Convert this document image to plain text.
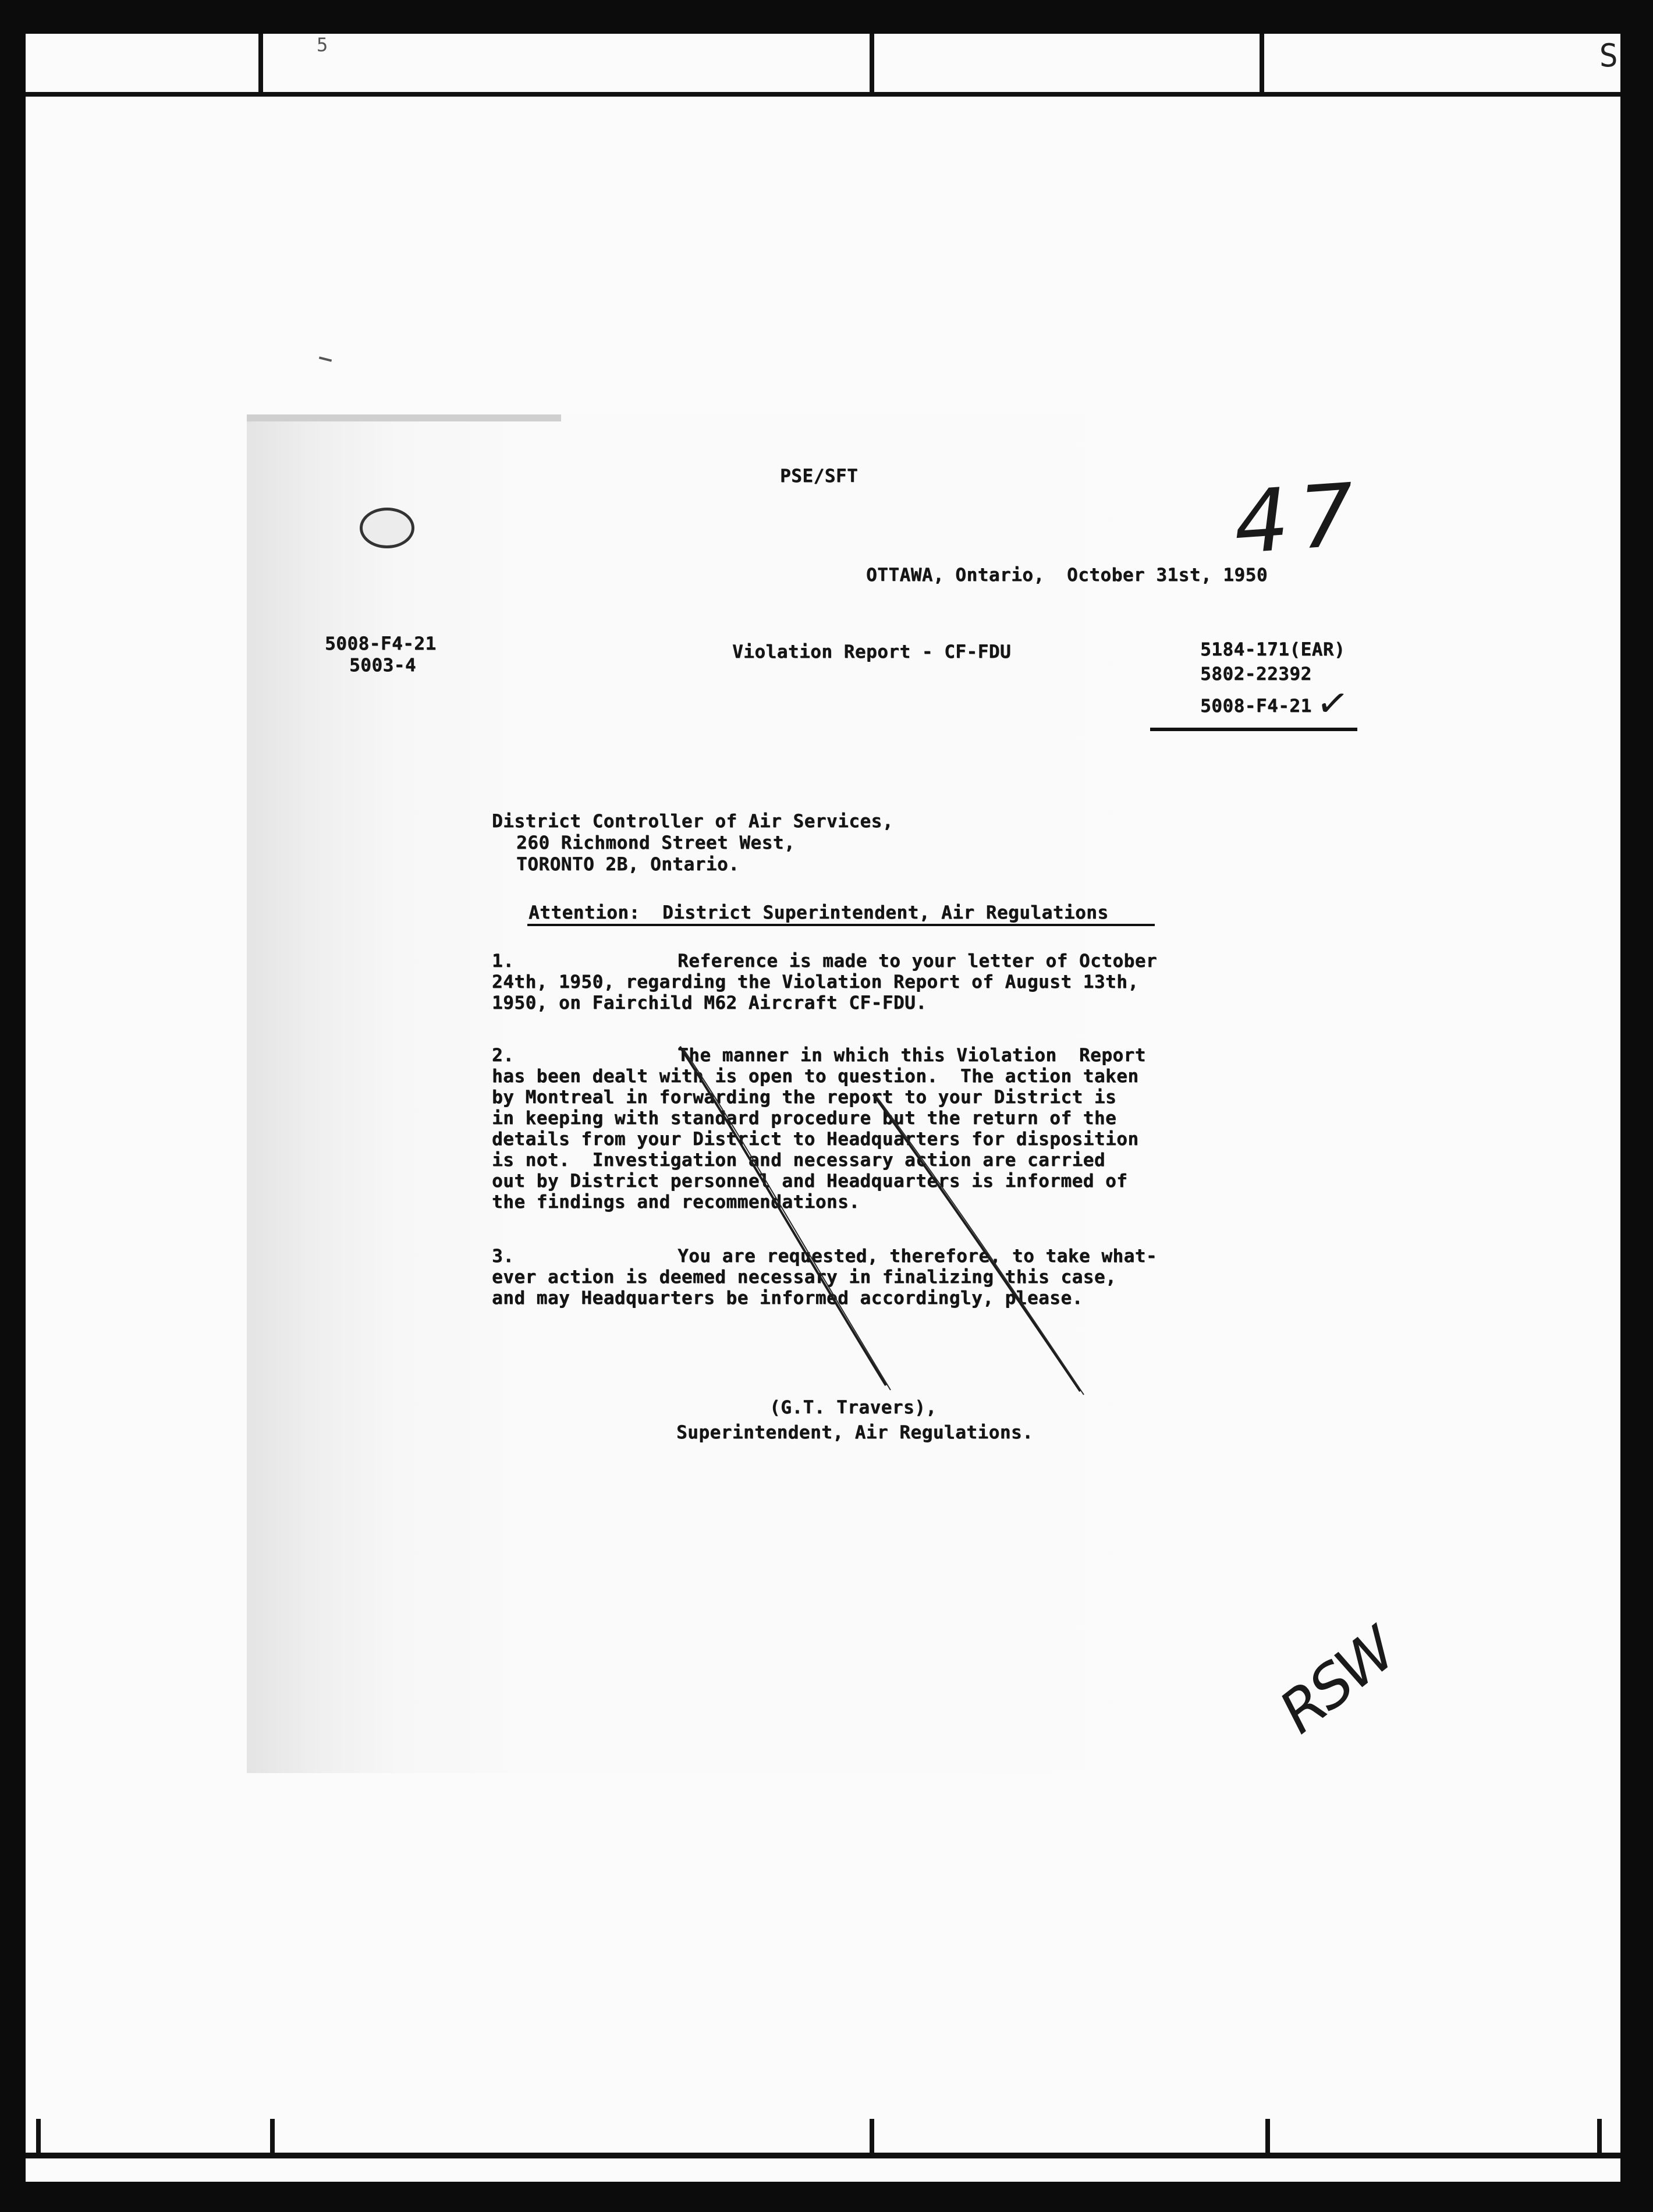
5	S
PSE/SFT	47
OTTAWA, Ontario,  October 31st, 1950
5008-F4-21
5003-4
Violation Report - CF-FDU	5184-171(EAR)
5802-22392
5008-F4-21 ✓
District Controller of Air Services,
260 Richmond Street West,
TORONTO 2B, Ontario.
Attention:  District Superintendent, Air Regulations
1.	Reference is made to your letter of October
24th, 1950, regarding the Violation Report of August 13th,
1950, on Fairchild M62 Aircraft CF-FDU.
2.	The manner in which this Violation  Report
has been dealt with is open to question.  The action taken
by Montreal in forwarding the report to your District is
in keeping with standard procedure but the return of the
details from your District to Headquarters for disposition
is not.  Investigation and necessary action are carried
out by District personnel and Headquarters is informed of
the findings and recommendations.
3.	You are requested, therefore, to take what-
ever action is deemed necessary in finalizing this case,
and may Headquarters be informed accordingly, please.
(G.T. Travers),
Superintendent, Air Regulations.
RSW
